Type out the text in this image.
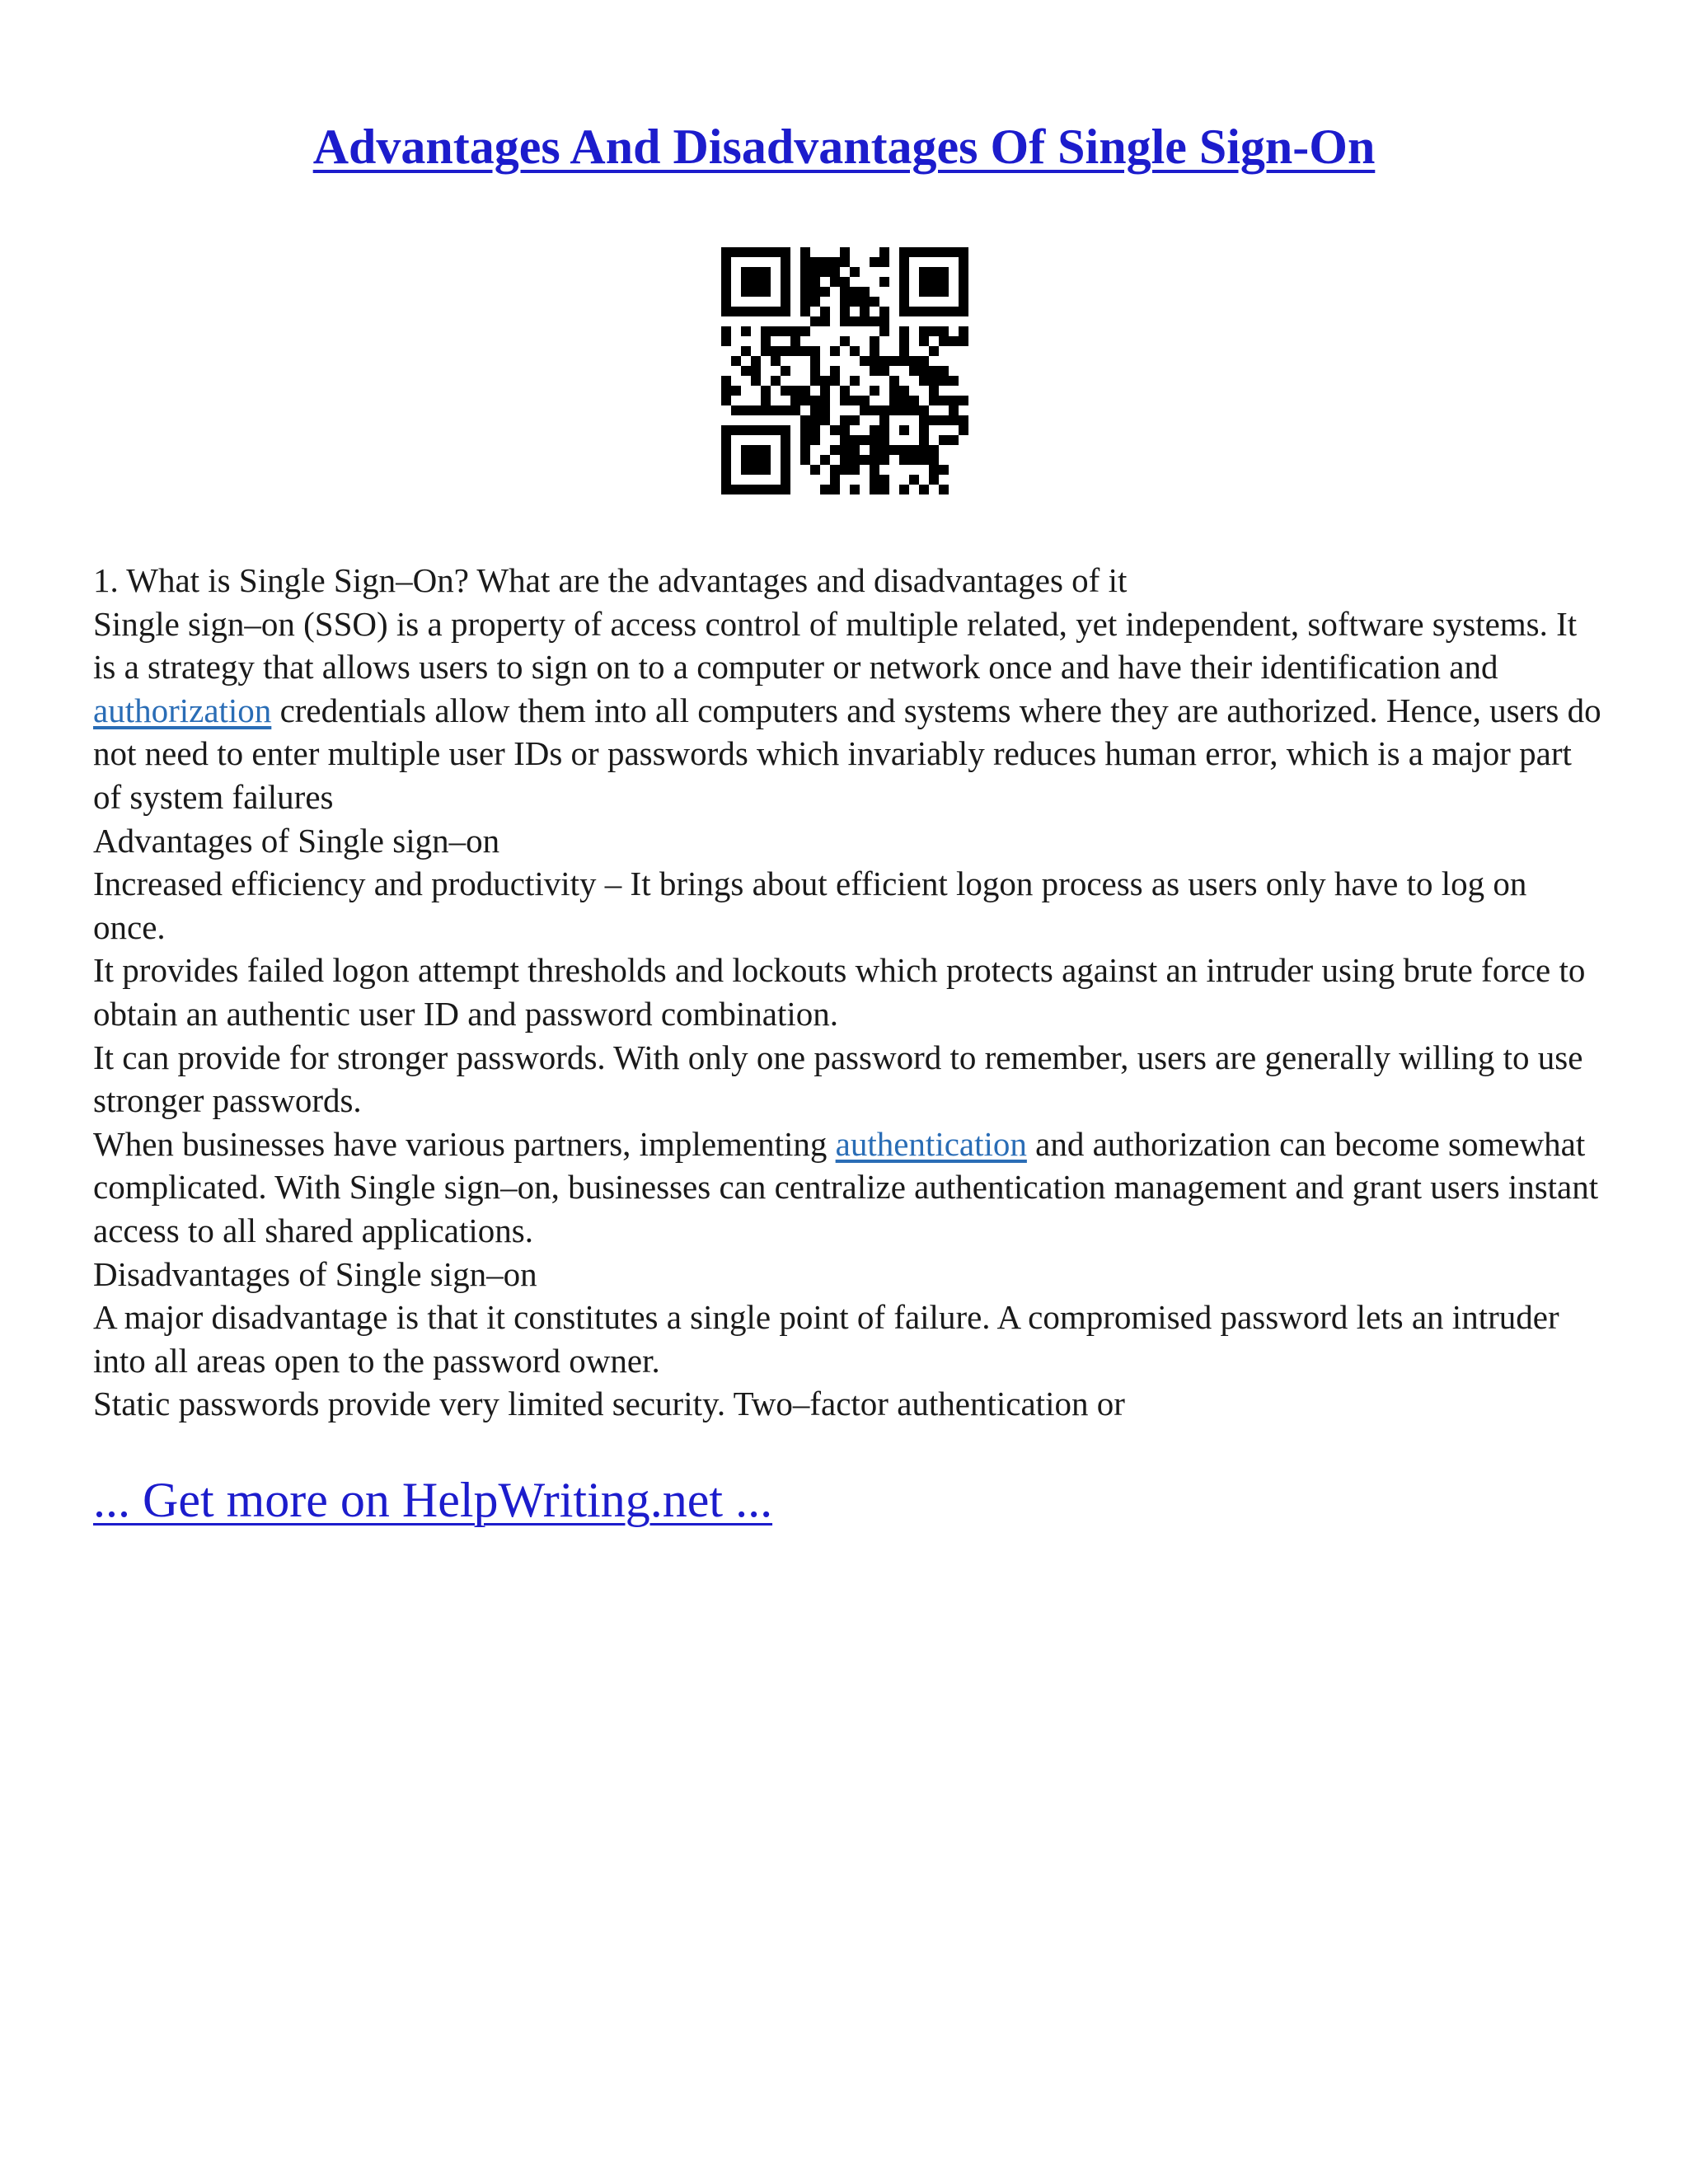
Advantages And Disadvantages Of Single Sign-On

1. What is Single Sign–On? What are the advantages and disadvantages of it

Single sign–on (SSO) is a property of access control of multiple related, yet independent, software systems. It is a strategy that allows users to sign on to a computer or network once and have their identification and authorization credentials allow them into all computers and systems where they are authorized. Hence, users do not need to enter multiple user IDs or passwords which invariably reduces human error, which is a major part of system failures

Advantages of Single sign–on

Increased efficiency and productivity – It brings about efficient logon process as users only have to log on once.

It provides failed logon attempt thresholds and lockouts which protects against an intruder using brute force to obtain an authentic user ID and password combination.

It can provide for stronger passwords. With only one password to remember, users are generally willing to use stronger passwords.

When businesses have various partners, implementing authentication and authorization can become somewhat complicated. With Single sign–on, businesses can centralize authentication management and grant users instant access to all shared applications.

Disadvantages of Single sign–on

A major disadvantage is that it constitutes a single point of failure. A compromised password lets an intruder into all areas open to the password owner.

Static passwords provide very limited security. Two–factor authentication or

... Get more on HelpWriting.net ...
